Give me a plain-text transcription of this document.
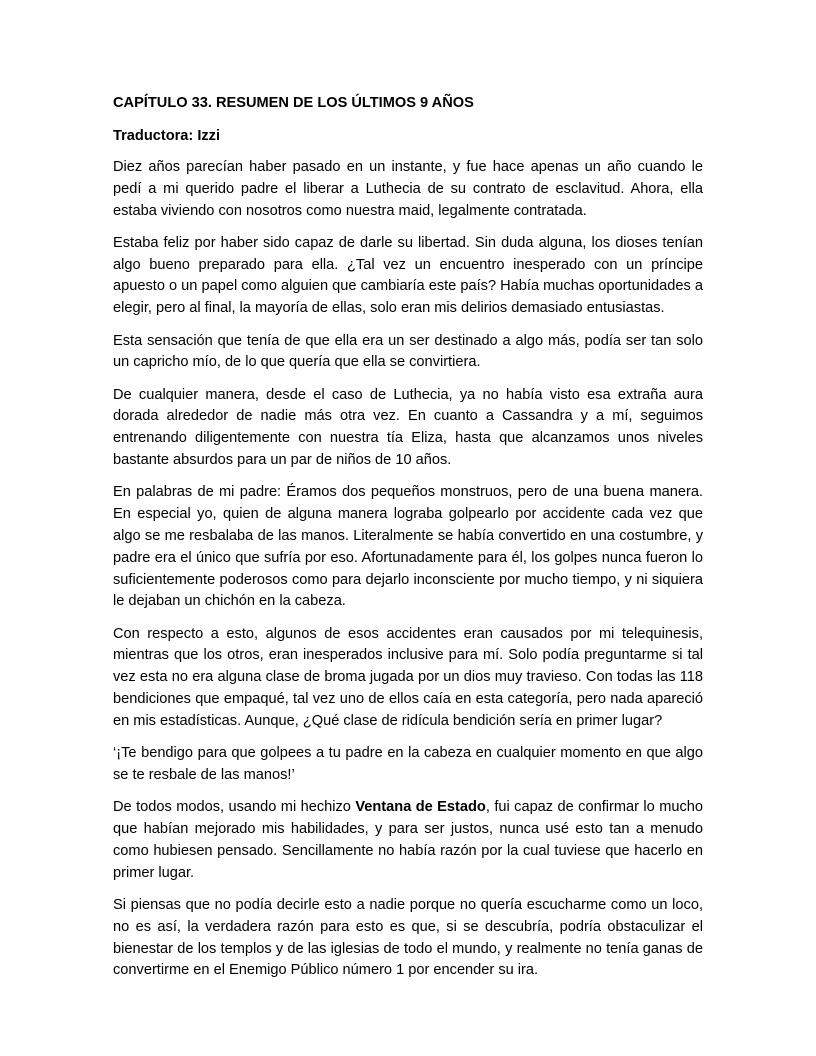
CAPÍTULO 33. RESUMEN DE LOS ÚLTIMOS 9 AÑOS
Traductora: Izzi

Diez años parecían haber pasado en un instante, y fue hace apenas un año cuando le pedí a mi querido padre el liberar a Luthecia de su contrato de esclavitud. Ahora, ella estaba viviendo con nosotros como nuestra maid, legalmente contratada.

Estaba feliz por haber sido capaz de darle su libertad. Sin duda alguna, los dioses tenían algo bueno preparado para ella. ¿Tal vez un encuentro inesperado con un príncipe apuesto o un papel como alguien que cambiaría este país? Había muchas oportunidades a elegir, pero al final, la mayoría de ellas, solo eran mis delirios demasiado entusiastas.

Esta sensación que tenía de que ella era un ser destinado a algo más, podía ser tan solo un capricho mío, de lo que quería que ella se convirtiera.

De cualquier manera, desde el caso de Luthecia, ya no había visto esa extraña aura dorada alrededor de nadie más otra vez. En cuanto a Cassandra y a mí, seguimos entrenando diligentemente con nuestra tía Eliza, hasta que alcanzamos unos niveles bastante absurdos para un par de niños de 10 años.

En palabras de mi padre: Éramos dos pequeños monstruos, pero de una buena manera. En especial yo, quien de alguna manera lograba golpearlo por accidente cada vez que algo se me resbalaba de las manos. Literalmente se había convertido en una costumbre, y padre era el único que sufría por eso. Afortunadamente para él, los golpes nunca fueron lo suficientemente poderosos como para dejarlo inconsciente por mucho tiempo, y ni siquiera le dejaban un chichón en la cabeza.

Con respecto a esto, algunos de esos accidentes eran causados por mi telequinesis, mientras que los otros, eran inesperados inclusive para mí. Solo podía preguntarme si tal vez esta no era alguna clase de broma jugada por un dios muy travieso. Con todas las 118 bendiciones que empaqué, tal vez uno de ellos caía en esta categoría, pero nada apareció en mis estadísticas. Aunque, ¿Qué clase de ridícula bendición sería en primer lugar?

‘¡Te bendigo para que golpees a tu padre en la cabeza en cualquier momento en que algo se te resbale de las manos!’

De todos modos, usando mi hechizo Ventana de Estado, fui capaz de confirmar lo mucho que habían mejorado mis habilidades, y para ser justos, nunca usé esto tan a menudo como hubiesen pensado. Sencillamente no había razón por la cual tuviese que hacerlo en primer lugar.

Si piensas que no podía decirle esto a nadie porque no quería escucharme como un loco, no es así, la verdadera razón para esto es que, si se descubría, podría obstaculizar el bienestar de los templos y de las iglesias de todo el mundo, y realmente no tenía ganas de convertirme en el Enemigo Público número 1 por encender su ira.
